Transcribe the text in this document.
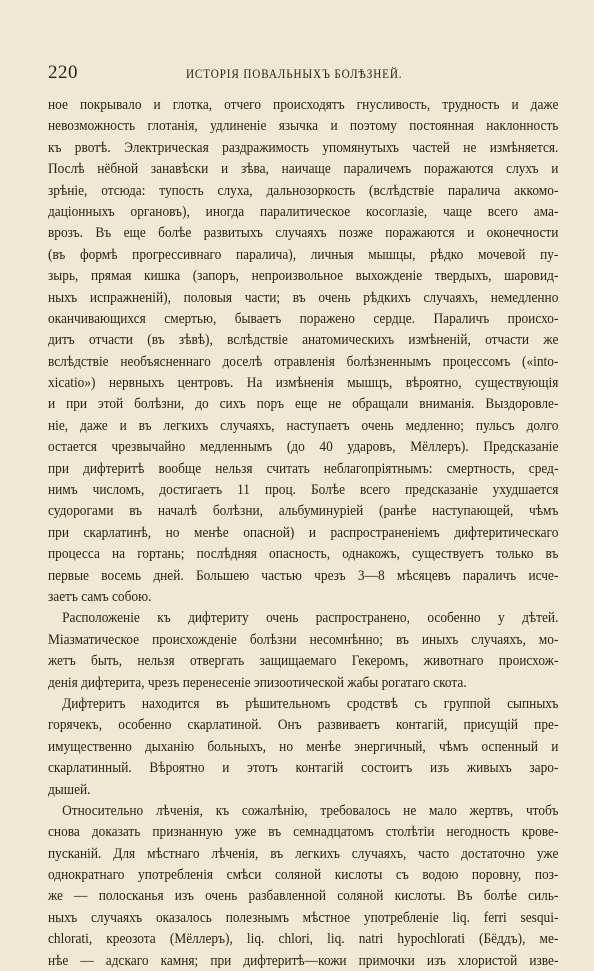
220	ИСТОРІЯ ПОВАЛЬНЫХЪ БОЛѢЗНЕЙ.
ное покрывало и глотка, отчего происходятъ гнусливость, трудность и даже
невозможность глотанія, удлиненіе язычка и поэтому постоянная наклонность
къ рвотѣ. Электрическая раздражимость упомянутыхъ частей не измѣняется.
Послѣ нёбной занавѣски и зѣва, наичаще параличемъ поражаются слухъ и
зрѣніе, отсюда: тупость слуха, дальнозоркость (вслѣдствіе паралича аккомо-
даціонныхъ органовъ), иногда паралитическое косоглазіе, чаще всего ама-
врозъ. Въ еще болѣе развитыхъ случаяхъ позже поражаются и оконечности
(въ формѣ прогрессивнаго паралича), личныя мышцы, рѣдко мочевой пу-
зырь, прямая кишка (запоръ, непроизвольное выхожденіе твердыхъ, шаровид-
ныхъ испражненій), половыя части; въ очень рѣдкихъ случаяхъ, немедленно
оканчивающихся смертью, бываетъ поражено сердце. Параличъ происхо-
дитъ отчасти (въ зѣвѣ), вслѣдствіе анатомическихъ измѣненій, отчасти же
вслѣдствіе необъясненнаго доселѣ отравленія болѣзненнымъ процессомъ («into-
xicatio») нервныхъ центровъ. На измѣненія мышцъ, вѣроятно, существующія
и при этой болѣзни, до сихъ поръ еще не обращали вниманія. Выздоровле-
ніе, даже и въ легкихъ случаяхъ, наступаетъ очень медленно; пульсъ долго
остается чрезвычайно медленнымъ (до 40 ударовъ, Мёллеръ). Предсказаніе
при дифтеритѣ вообще нельзя считать неблагопріятнымъ: смертность, сред-
нимъ числомъ, достигаетъ 11 проц. Болѣе всего предсказаніе ухудшается
судорогами въ началѣ болѣзни, альбуминуріей (ранѣе наступающей, чѣмъ
при скарлатинѣ, но менѣе опасной) и распространеніемъ дифтеритическаго
процесса на гортань; послѣдняя опасность, однакожъ, существуетъ только въ
первые восемь дней. Большею частью чрезъ 3—8 мѣсяцевъ параличъ исче-
заетъ самъ собою.
Расположеніе къ дифтериту очень распространено, особенно у дѣтей.
Міазматическое происхожденіе болѣзни несомнѣнно; въ иныхъ случаяхъ, мо-
жетъ быть, нельзя отвергать защищаемаго Гекеромъ, животнаго происхож-
денія дифтерита, чрезъ перенесеніе эпизоотической жабы рогатаго скота.
Дифтеритъ находится въ рѣшительномъ сродствѣ съ группой сыпныхъ
горячекъ, особенно скарлатиной. Онъ развиваетъ контагій, присущій пре-
имущественно дыханію больныхъ, но менѣе энергичный, чѣмъ оспенный и
скарлатинный. Вѣроятно и этотъ контагій состоитъ изъ живыхъ заро-
дышей.
Относительно лѣченія, къ сожалѣнію, требовалось не мало жертвъ, чтобъ
снова доказать признанную уже въ семнадцатомъ столѣтіи негодность крове-
пусканій. Для мѣстнаго лѣченія, въ легкихъ случаяхъ, часто достаточно уже
однократнаго употребленія смѣси соляной кислоты съ водою поровну, поз-
же — полосканья изъ очень разбавленной соляной кислоты. Въ болѣе силь-
ныхъ случаяхъ оказалось полезнымъ мѣстное употребленіе liq. ferri sesqui-
chlorati, креозота (Мёллеръ), liq. chlori, liq. natri hypochlorati (Бёддъ), ме-
нѣе — адскаго камня; при дифтеритѣ—кожи примочки изъ хлористой изве-
